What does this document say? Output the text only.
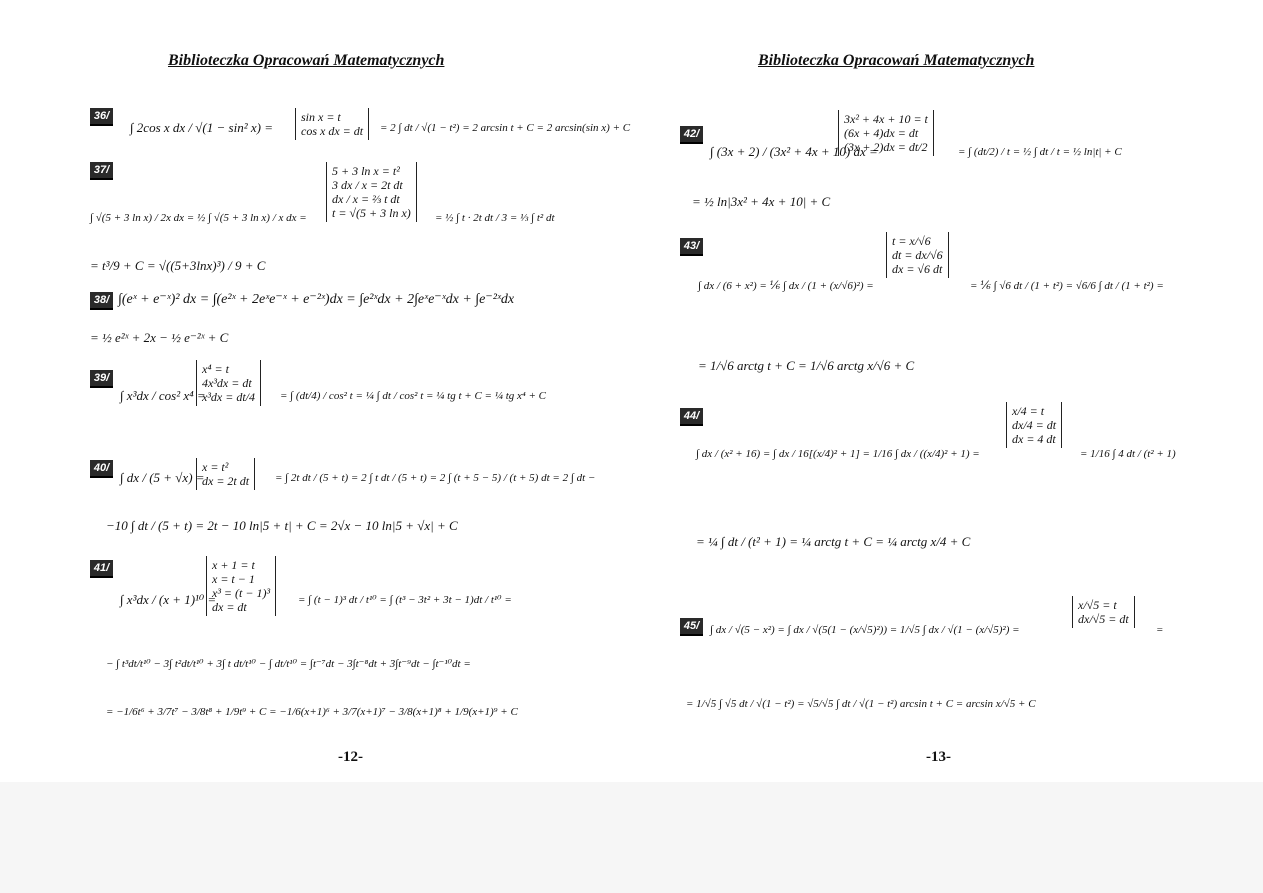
Biblioteczka Opracowań Matematycznych
36/
∫ 2cos x dx / √(1 − sin² x) =
sin x = t
cos x dx = dt = 2 ∫ dt / √(1 − t²) = 2 arcsin t + C = 2 arcsin(sin x) + C
37/
∫ √(5 + 3 ln x) / 2x dx = ½ ∫ √(5 + 3 ln x) / x dx =
5 + 3 ln x = t²
3 dx / x = 2t dt
dx / x = ⅔ t dt
t = √(5 + 3 ln x) = ½ ∫ t · 2t dt / 3 = ⅓ ∫ t² dt
= t³/9 + C = √((5+3lnx)³) / 9 + C
38/ ∫(eˣ + e⁻ˣ)² dx = ∫(e²ˣ + 2eˣe⁻ˣ + e⁻²ˣ)dx = ∫e²ˣdx + 2∫eˣe⁻ˣdx + ∫e⁻²ˣdx
= ½ e²ˣ + 2x − ½ e⁻²ˣ + C
39/
∫ x³dx / cos² x⁴ =
x⁴ = t
4x³dx = dt
x³dx = dt/4 = ∫ (dt/4) / cos² t = ¼ ∫ dt / cos² t = ¼ tg t + C = ¼ tg x⁴ + C
40/
∫ dx / (5 + √x) =
x = t²
dx = 2t dt = ∫ 2t dt / (5 + t) = 2 ∫ t dt / (5 + t) = 2 ∫ (t + 5 − 5) / (t + 5) dt = 2 ∫ dt −
−10 ∫ dt / (5 + t) = 2t − 10 ln|5 + t| + C = 2√x − 10 ln|5 + √x| + C
41/
∫ x³dx / (x + 1)¹⁰ =
x + 1 = t
x = t − 1
x³ = (t − 1)³
dx = dt	= ∫ (t − 1)³ dt / t¹⁰ = ∫ (t³ − 3t² + 3t − 1)dt / t¹⁰ =
− ∫ t³dt/t¹⁰ − 3∫ t²dt/t¹⁰ + 3∫ t dt/t¹⁰ − ∫ dt/t¹⁰ = ∫t⁻⁷dt − 3∫t⁻⁸dt + 3∫t⁻⁹dt − ∫t⁻¹⁰dt =
= −1/6t⁶ + 3/7t⁷ − 3/8t⁸ + 1/9t⁹ + C = −1/6(x+1)⁶ + 3/7(x+1)⁷ − 3/8(x+1)⁸ + 1/9(x+1)⁹ + C
-12-
Biblioteczka Opracowań Matematycznych
42/
∫ (3x + 2) / (3x² + 4x + 10) dx =
3x² + 4x + 10 = t
(6x + 4)dx = dt
(3x + 2)dx = dt/2	= ∫ (dt/2) / t = ½ ∫ dt / t = ½ ln|t| + C
= ½ ln|3x² + 4x + 10| + C
43/
∫ dx / (6 + x²) = ⅙ ∫ dx / (1 + (x/√6)²) =
t = x/√6
dt = dx/√6
dx = √6 dt
= ⅙ ∫ √6 dt / (1 + t²) = √6/6 ∫ dt / (1 + t²) =
= 1/√6 arctg t + C = 1/√6 arctg x/√6 + C
44/
∫ dx / (x² + 16) = ∫ dx / 16[(x/4)² + 1] = 1/16 ∫ dx / ((x/4)² + 1) =
x/4 = t
dx/4 = dt
dx = 4 dt
= 1/16 ∫ 4 dt / (t² + 1)
= ¼ ∫ dt / (t² + 1) = ¼ arctg t + C = ¼ arctg x/4 + C
45/ ∫ dx / √(5 − x²) = ∫ dx / √(5(1 − (x/√5)²)) = 1/√5 ∫ dx / √(1 − (x/√5)²) =
x/√5 = t
dx/√5 = dt
=
= 1/√5 ∫ √5 dt / √(1 − t²) = √5/√5 ∫ dt / √(1 − t²) arcsin t + C = arcsin x/√5 + C
-13-
